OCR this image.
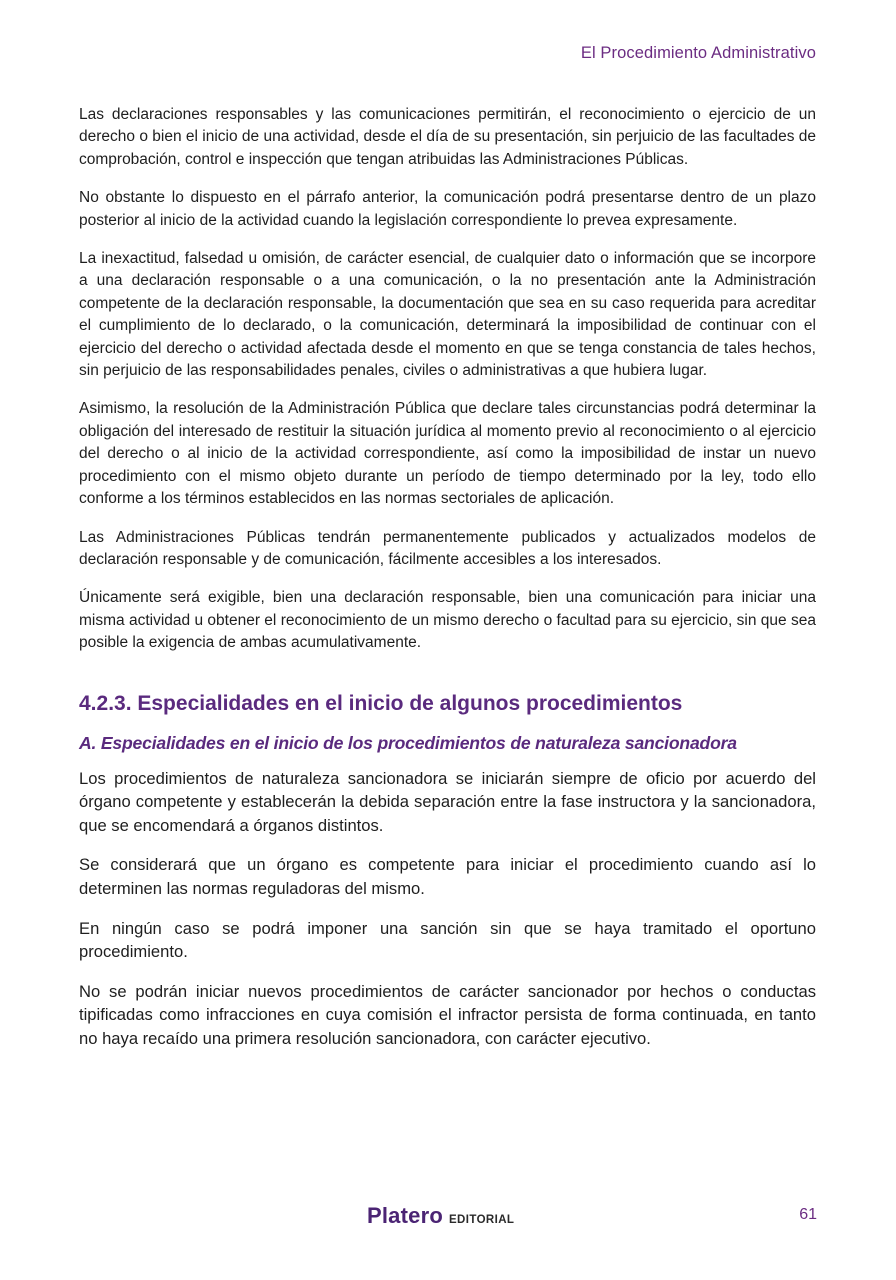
El Procedimiento Administrativo

Las declaraciones responsables y las comunicaciones permitirán, el reconocimiento o ejercicio de un derecho o bien el inicio de una actividad, desde el día de su presentación, sin perjuicio de las facultades de comprobación, control e inspección que tengan atribuidas las Administraciones Públicas.

No obstante lo dispuesto en el párrafo anterior, la comunicación podrá presentarse dentro de un plazo posterior al inicio de la actividad cuando la legislación correspondiente lo prevea expresamente.

La inexactitud, falsedad u omisión, de carácter esencial, de cualquier dato o información que se incorpore a una declaración responsable o a una comunicación, o la no presentación ante la Administración competente de la declaración responsable, la documentación que sea en su caso requerida para acreditar el cumplimiento de lo declarado, o la comunicación, determinará la imposibilidad de continuar con el ejercicio del derecho o actividad afectada desde el momento en que se tenga constancia de tales hechos, sin perjuicio de las responsabilidades penales, civiles o administrativas a que hubiera lugar.

Asimismo, la resolución de la Administración Pública que declare tales circunstancias podrá determinar la obligación del interesado de restituir la situación jurídica al momento previo al reconocimiento o al ejercicio del derecho o al inicio de la actividad correspondiente, así como la imposibilidad de instar un nuevo procedimiento con el mismo objeto durante un período de tiempo determinado por la ley, todo ello conforme a los términos establecidos en las normas sectoriales de aplicación.

Las Administraciones Públicas tendrán permanentemente publicados y actualizados modelos de declaración responsable y de comunicación, fácilmente accesibles a los interesados.

Únicamente será exigible, bien una declaración responsable, bien una comunicación para iniciar una misma actividad u obtener el reconocimiento de un mismo derecho o facultad para su ejercicio, sin que sea posible la exigencia de ambas acumulativamente.

4.2.3. Especialidades en el inicio de algunos procedimientos
A. Especialidades en el inicio de los procedimientos de naturaleza sancionadora

Los procedimientos de naturaleza sancionadora se iniciarán siempre de oficio por acuerdo del órgano competente y establecerán la debida separación entre la fase instructora y la sancionadora, que se encomendará a órganos distintos.

Se considerará que un órgano es competente para iniciar el procedimiento cuando así lo determinen las normas reguladoras del mismo.

En ningún caso se podrá imponer una sanción sin que se haya tramitado el oportuno procedimiento.

No se podrán iniciar nuevos procedimientos de carácter sancionador por hechos o conductas tipificadas como infracciones en cuya comisión el infractor persista de forma continuada, en tanto no haya recaído una primera resolución sancionadora, con carácter ejecutivo.

Platero EDITORIAL	61
